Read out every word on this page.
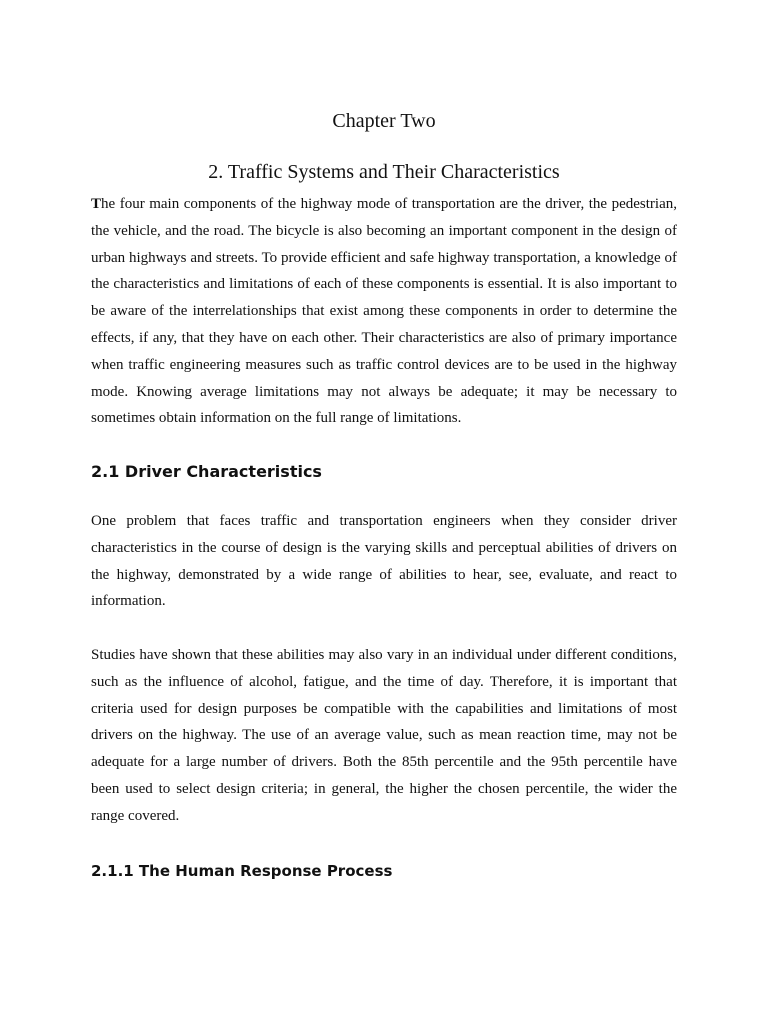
Chapter Two
2. Traffic Systems and Their Characteristics

The four main components of the highway mode of transportation are the driver, the pedestrian, the vehicle, and the road. The bicycle is also becoming an important component in the design of urban highways and streets. To provide efficient and safe highway transportation, a knowledge of the characteristics and limitations of each of these components is essential. It is also important to be aware of the interrelationships that exist among these components in order to determine the effects, if any, that they have on each other. Their characteristics are also of primary importance when traffic engineering measures such as traffic control devices are to be used in the highway mode. Knowing average limitations may not always be adequate; it may be necessary to sometimes obtain information on the full range of limitations.

2.1 Driver Characteristics

One problem that faces traffic and transportation engineers when they consider driver characteristics in the course of design is the varying skills and perceptual abilities of drivers on the highway, demonstrated by a wide range of abilities to hear, see, evaluate, and react to information.

Studies have shown that these abilities may also vary in an individual under different conditions, such as the influence of alcohol, fatigue, and the time of day. Therefore, it is important that criteria used for design purposes be compatible with the capabilities and limitations of most drivers on the highway. The use of an average value, such as mean reaction time, may not be adequate for a large number of drivers. Both the 85th percentile and the 95th percentile have been used to select design criteria; in general, the higher the chosen percentile, the wider the range covered.

2.1.1 The Human Response Process
